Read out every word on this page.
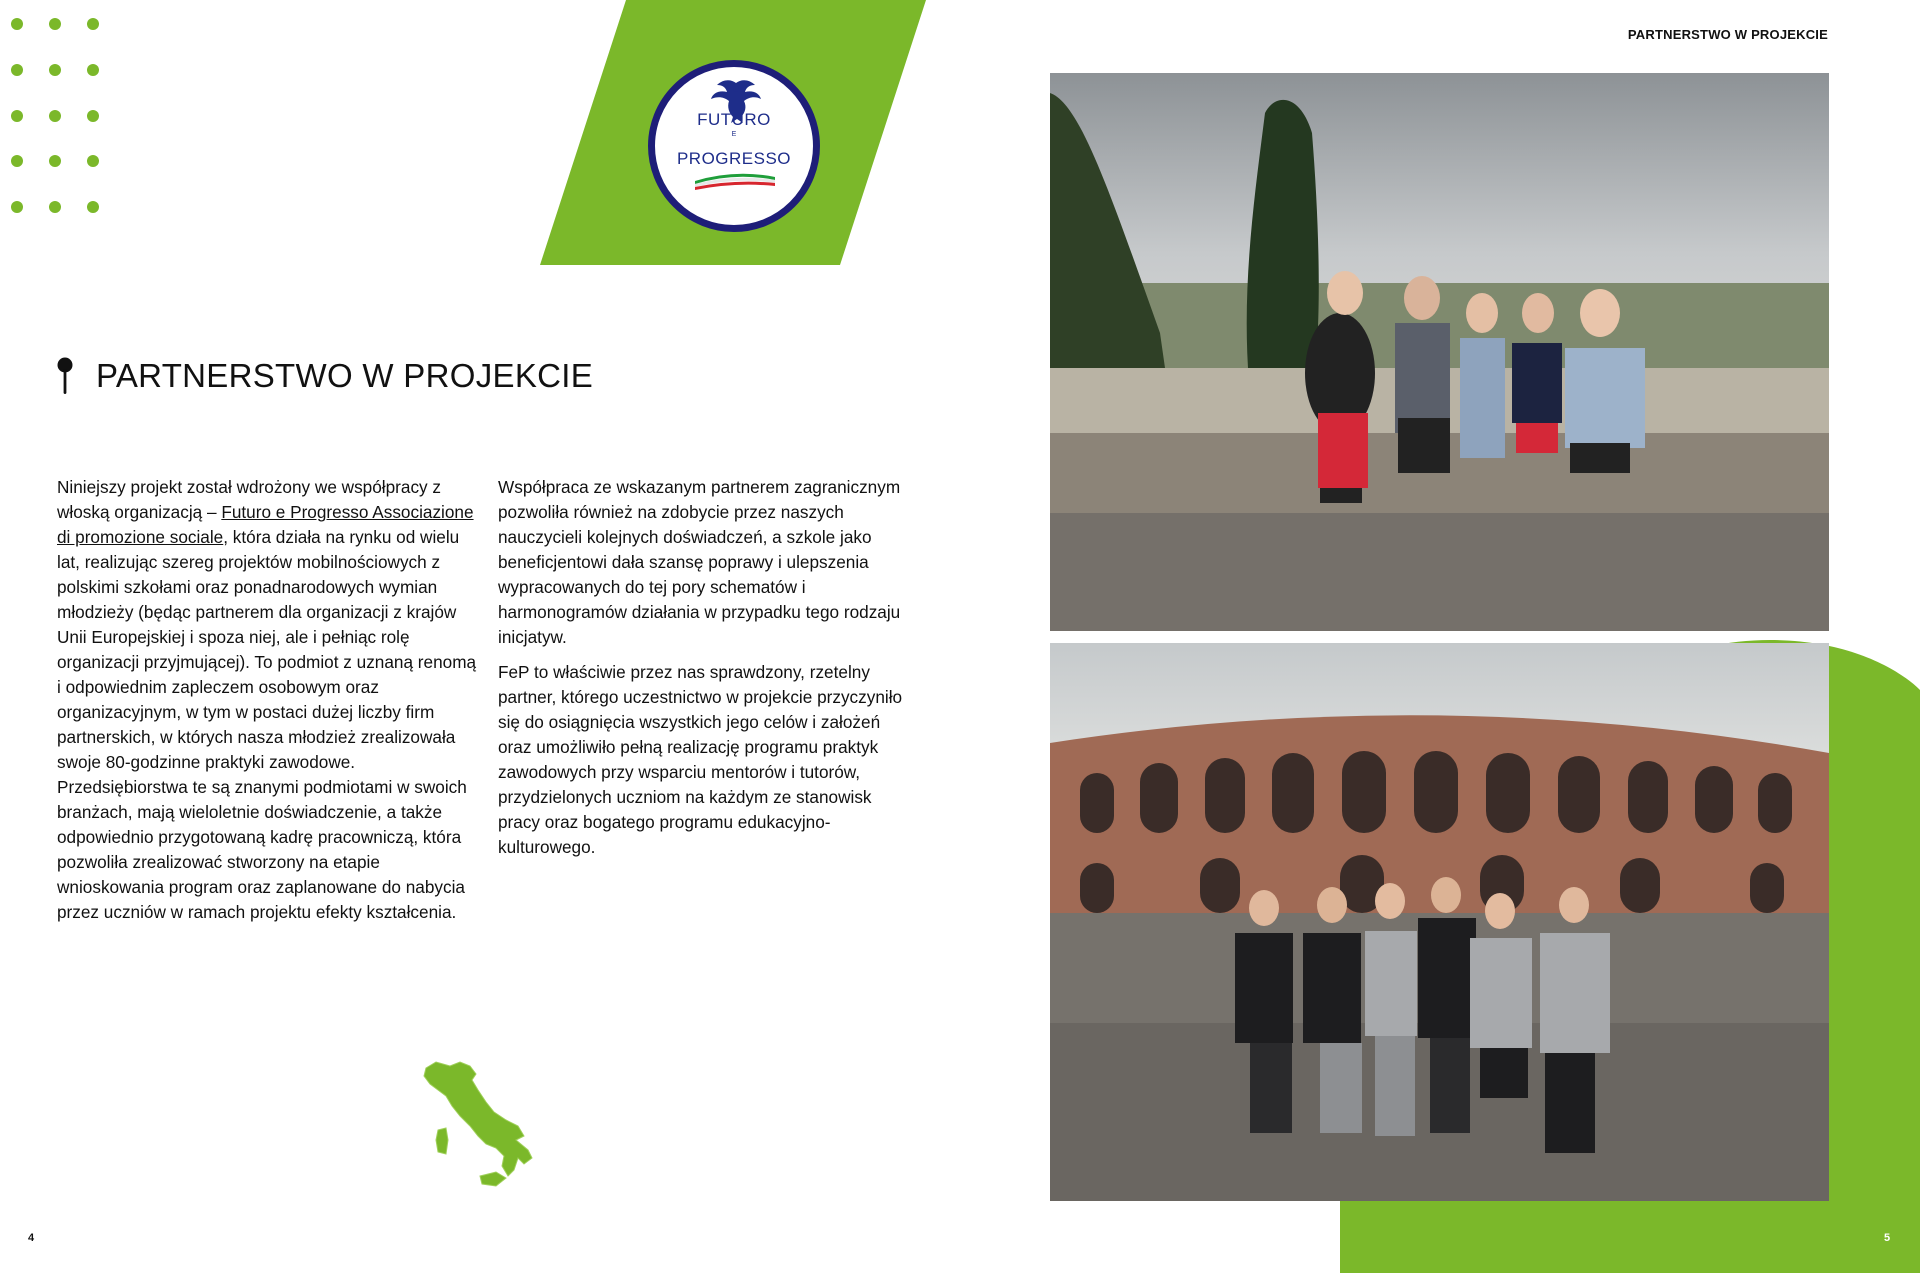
FUTURO
E
PROGRESSO
PARTNERSTWO W PROJEKCIE
PARTNERSTWO W PROJEKCIE

Niniejszy projekt został wdrożony we współpracy z włoską organizacją – Futuro e Progresso Associazione di promozione sociale, która działa na rynku od wielu lat, realizując szereg projektów mobilnościowych z polskimi szkołami oraz ponadnarodowych wymian młodzieży (będąc partnerem dla organizacji z krajów Unii Europejskiej i spoza niej, ale i pełniąc rolę organizacji przyjmującej). To podmiot z uznaną renomą i odpowiednim zapleczem osobowym oraz organizacyjnym, w tym w postaci dużej liczby firm partnerskich, w których nasza młodzież zrealizowała swoje 80-godzinne praktyki zawodowe. Przedsiębiorstwa te są znanymi podmiotami w swoich branżach, mają wieloletnie doświadczenie, a także odpowiednio przygotowaną kadrę pracowniczą, która pozwoliła zrealizować stworzony na etapie wnioskowania program oraz zaplanowane do nabycia przez uczniów w ramach projektu efekty kształcenia.

Współpraca ze wskazanym partnerem zagranicznym pozwoliła również na zdobycie przez naszych nauczycieli kolejnych doświadczeń, a szkole jako beneficjentowi dała szansę poprawy i ulepszenia wypracowanych do tej pory schematów i harmonogramów działania w przypadku tego rodzaju inicjatyw.

FeP to właściwie przez nas sprawdzony, rzetelny partner, którego uczestnictwo w projekcie przyczyniło się do osiągnięcia wszystkich jego celów i założeń oraz umożliwiło pełną realizację programu praktyk zawodowych przy wsparciu mentorów i tutorów, przydzielonych uczniom na każdym ze stanowisk pracy oraz bogatego programu edukacyjno-kulturowego.

4	5
